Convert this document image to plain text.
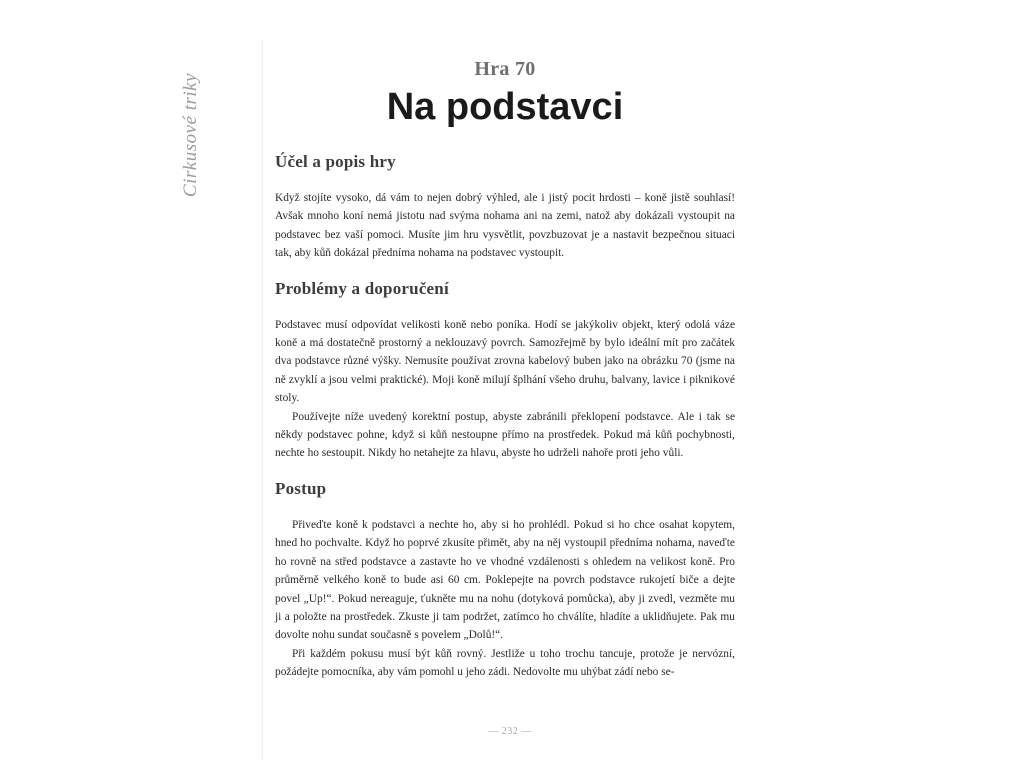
Cirkusové triky
Hra 70
Na podstavci
Účel a popis hry

Když stojíte vysoko, dá vám to nejen dobrý výhled, ale i jistý pocit hrdosti – koně jistě souhlasí! Avšak mnoho koní nemá jistotu nad svýma nohama ani na zemi, natož aby dokázali vystoupit na podstavec bez vaší pomoci. Musíte jim hru vysvětlit, povzbuzovat je a nastavit bezpečnou situaci tak, aby kůň dokázal předníma nohama na podstavec vystoupit.

Problémy a doporučení

Podstavec musí odpovídat velikosti koně nebo poníka. Hodí se jakýkoliv objekt, který odolá váze koně a má dostatečně prostorný a neklouzavý povrch. Samozřejmě by bylo ideální mít pro začátek dva podstavce různé výšky. Nemusíte používat zrovna kabelový buben jako na obrázku 70 (jsme na ně zvyklí a jsou velmi praktické). Moji koně milují šplhání všeho druhu, balvany, lavice i piknikové stoly.

Používejte níže uvedený korektní postup, abyste zabránili překlopení podstavce. Ale i tak se někdy podstavec pohne, když si kůň nestoupne přímo na prostředek. Pokud má kůň pochybnosti, nechte ho sestoupit. Nikdy ho netahejte za hlavu, abyste ho udrželi nahoře proti jeho vůli.

Postup

Přiveďte koně k podstavci a nechte ho, aby si ho prohlédl. Pokud si ho chce osahat kopytem, hned ho pochvalte. Když ho poprvé zkusíte přimět, aby na něj vystoupil předníma nohama, naveďte ho rovně na střed podstavce a zastavte ho ve vhodné vzdálenosti s ohledem na velikost koně. Pro průměrně velkého koně to bude asi 60 cm. Poklepejte na povrch podstavce rukojetí biče a dejte povel „Up!“. Pokud nereaguje, ťukněte mu na nohu (dotyková pomůcka), aby ji zvedl, vezměte mu ji a položte na prostředek. Zkuste ji tam podržet, zatímco ho chválíte, hladíte a uklidňujete. Pak mu dovolte nohu sundat současně s povelem „Dolů!“.

Při každém pokusu musí být kůň rovný. Jestliže u toho trochu tancuje, protože je nervózní, požádejte pomocníka, aby vám pomohl u jeho zádi. Nedovolte mu uhýbat zádí nebo se-

— 232 —
